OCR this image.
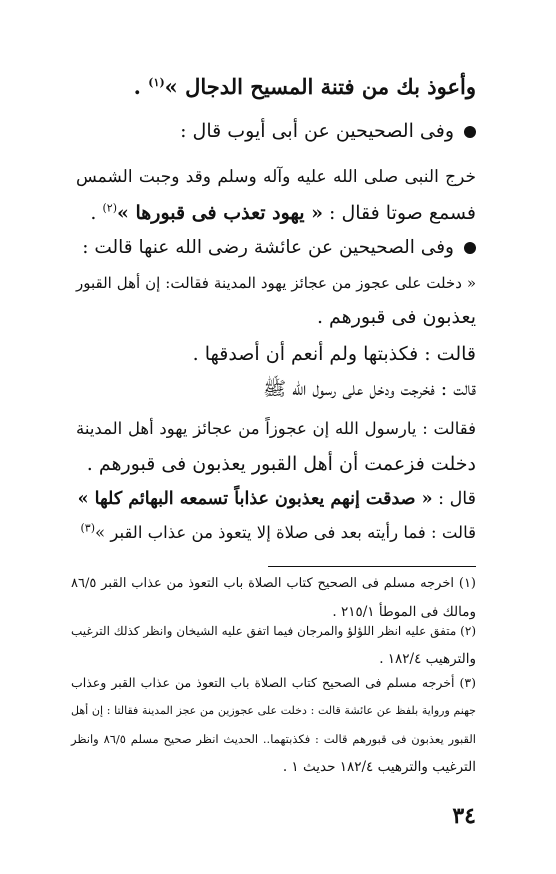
وأعوذ بك من فتنة المسيح الدجال »$^{(١)}$ .
وفى الصحيحين عن أبى أيوب قال :
خرج النبى صلى الله عليه وآله وسلم وقد وجبت الشمس
فسمع صوتا فقال : « يهود تعذب فى قبورها »$^{(٢)}$ .
وفى الصحيحين عن عائشة رضى الله عنها قالت :
« دخلت على عجوز من عجائز يهود المدينة فقالت: إن أهل القبور
يعذبون فى قبورهم .
قالت : فكذبتها ولم أنعم أن أصدقها .
قالت : فخرجت ودخل على رسول الله ﷺ
فقالت : يارسول الله إن عجوزاً من عجائز يهود أهل المدينة
دخلت فزعمت أن أهل القبور يعذبون فى قبورهم .
قال : « صدقت إنهم يعذبون عذاباً تسمعه البهائم كلها »
قالت : فما رأيته بعد فى صلاة إلا يتعوذ من عذاب القبر »$^{(٣)}$
(١) اخرجه مسلم فى الصحيح كتاب الصلاة باب التعوذ من عذاب القبر ٨٦/٥
ومالك فى الموطأ ٢١٥/١ .
(٢) متفق عليه انظر اللؤلؤ والمرجان فيما اتفق عليه الشيخان وانظر كذلك الترغيب
والترهيب ١٨٢/٤ .
(٣) أخرجه مسلم فى الصحيح كتاب الصلاة باب التعوذ من عذاب القبر وعذاب
جهنم ورواية بلفظ عن عائشة قالت : دخلت على عجوزين من عجز المدينة فقالتا : إن أهل
القبور يعذبون فى قبورهم قالت : فكذبتهما.. الحديث انظر صحيح مسلم ٨٦/٥ وانظر
الترغيب والترهيب ١٨٢/٤ حديث ١ .
٣٤
